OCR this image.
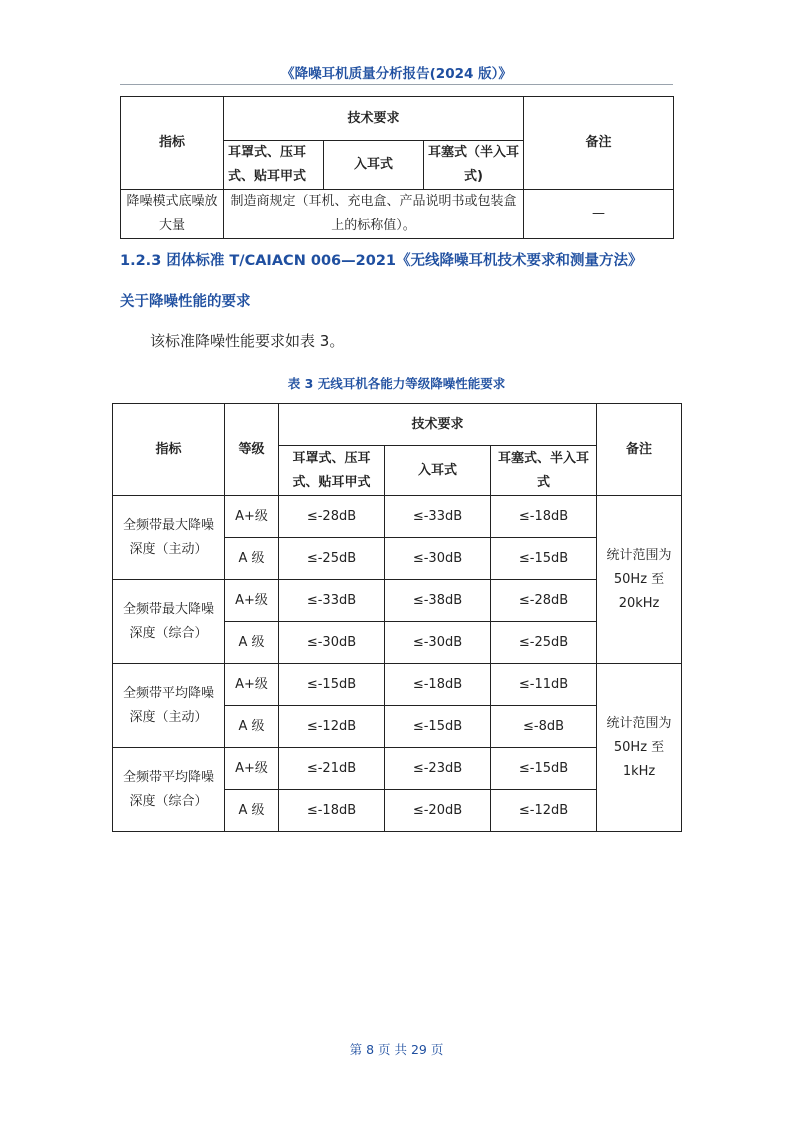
《降噪耳机质量分析报告(2024 版）》
指标	技术要求			备注
	耳罩式、压耳式、贴耳甲式	入耳式	耳塞式（半入耳式)	
降噪模式底噪放大量	制造商规定（耳机、充电盒、产品说明书或包装盒上的标称值）。			—
1.2.3 团体标准 T/CAIACN 006—2021《无线降噪耳机技术要求和测量方法》
关于降噪性能的要求
该标准降噪性能要求如表 3。
表 3 无线耳机各能力等级降噪性能要求
指标	等级	技术要求			备注
		耳罩式、压耳式、贴耳甲式	入耳式	耳塞式、半入耳式	
全频带最大降噪深度（主动）	A+级	≤-28dB	≤-33dB	≤-18dB	统计范围为50Hz 至20kHz
	A 级	≤-25dB	≤-30dB	≤-15dB	
全频带最大降噪深度（综合）	A+级	≤-33dB	≤-38dB	≤-28dB	
	A 级	≤-30dB	≤-30dB	≤-25dB	
全频带平均降噪深度（主动）	A+级	≤-15dB	≤-18dB	≤-11dB	统计范围为50Hz 至1kHz
	A 级	≤-12dB	≤-15dB	≤-8dB	
全频带平均降噪深度（综合）	A+级	≤-21dB	≤-23dB	≤-15dB	
	A 级	≤-18dB	≤-20dB	≤-12dB	
第 8 页 共 29 页
